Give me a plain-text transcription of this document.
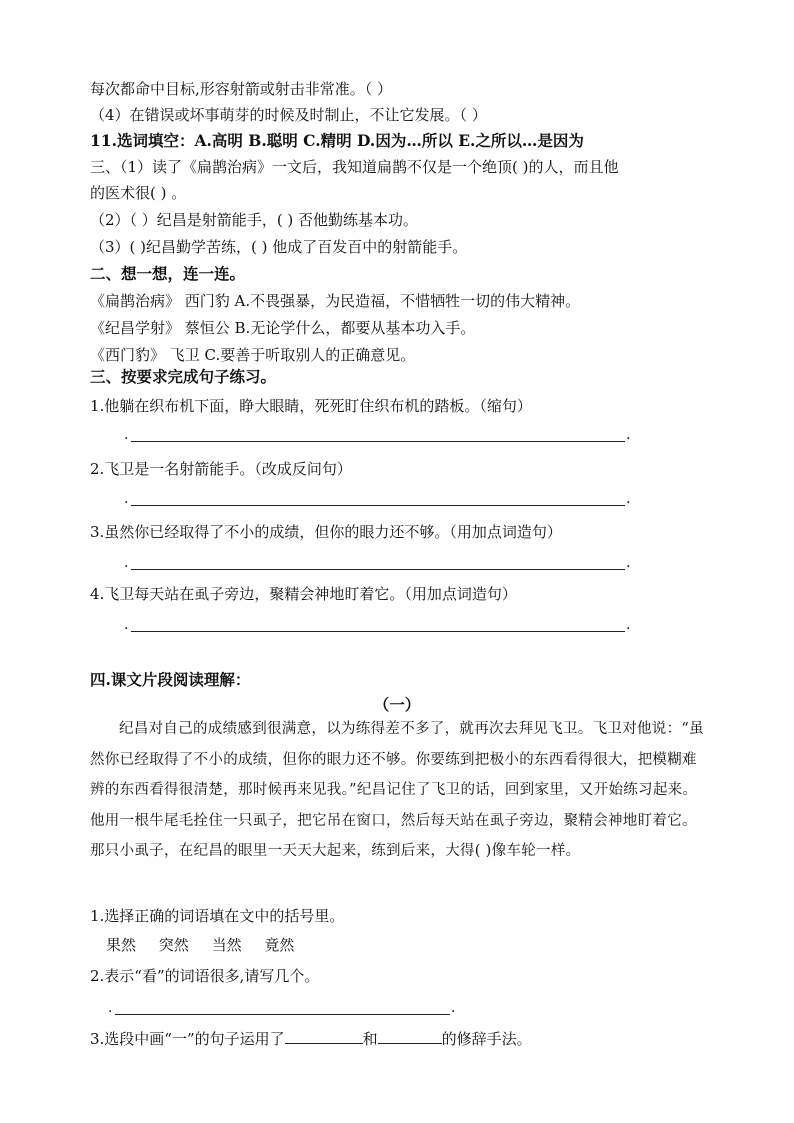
每次都命中目标,形容射箭或射击非常准。（ ）
（4）在错误或坏事萌芽的时候及时制止，不让它发展。（ ）
11.选词填空：A.高明 B.聪明 C.精明 D.因为…所以 E.之所以…是因为
三、（1）读了《扁鹊治病》一文后，我知道扁鹊不仅是一个绝顶( )的人，而且他
的医术很( ) 。
（2）（ ）纪昌是射箭能手，( ) 否他勤练基本功。
（3）( )纪昌勤学苦练，( ) 他成了百发百中的射箭能手。
二、想一想，连一连。
《扁鹊治病》 西门豹 A.不畏强暴，为民造福，不惜牺牲一切的伟大精神。
《纪昌学射》 蔡恒公 B.无论学什么，都要从基本功入手。
《西门豹》 飞卫 C.要善于听取别人的正确意见。
三、按要求完成句子练习。
1.他躺在织布机下面，睁大眼睛，死死盯住织布机的踏板。（缩句）
.	.
2.飞卫是一名射箭能手。（改成反问句）
.	.
3.虽然你已经取得了不小的成绩，但你的眼力还不够。（用加点词造句）
.	.
4.飞卫每天站在虱子旁边，聚精会神地盯着它。（用加点词造句）
.	.
四.课文片段阅读理解：
（一）

纪昌对自己的成绩感到很满意，以为练得差不多了，就再次去拜见飞卫。飞卫对他说：“虽然你已经取得了不小的成绩，但你的眼力还不够。你要练到把极小的东西看得很大，把模糊难辨的东西看得很清楚，那时候再来见我。”纪昌记住了飞卫的话，回到家里，又开始练习起来。他用一根牛尾毛拴住一只虱子，把它吊在窗口，然后每天站在虱子旁边，聚精会神地盯着它。那只小虱子，在纪昌的眼里一天天大起来，练到后来，大得( )像车轮一样。

1.选择正确的词语填在文中的括号里。
果然 突然 当然 竟然
2.表示“看”的词语很多,请写几个。
.	.
3.选段中画“一”的句子运用了	和	的修辞手法。
